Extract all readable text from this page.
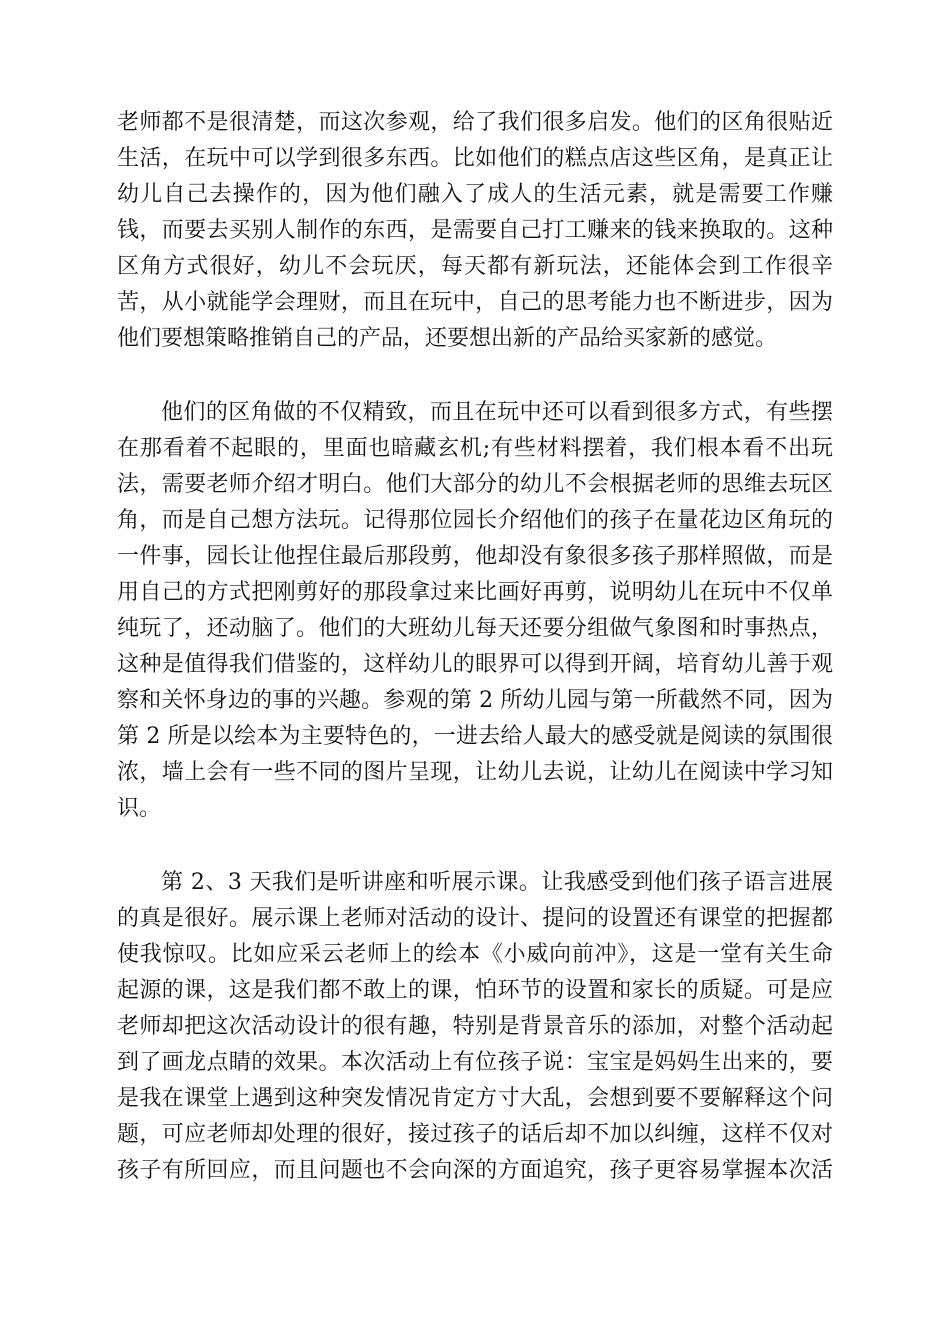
老师都不是很清楚，而这次参观，给了我们很多启发。他们的区角很贴近
生活，在玩中可以学到很多东西。比如他们的糕点店这些区角，是真正让
幼儿自己去操作的，因为他们融入了成人的生活元素，就是需要工作赚
钱，而要去买别人制作的东西，是需要自己打工赚来的钱来换取的。这种
区角方式很好，幼儿不会玩厌，每天都有新玩法，还能体会到工作很辛
苦，从小就能学会理财，而且在玩中，自己的思考能力也不断进步，因为
他们要想策略推销自己的产品，还要想出新的产品给买家新的感觉。
他们的区角做的不仅精致，而且在玩中还可以看到很多方式，有些摆
在那看着不起眼的，里面也暗藏玄机;有些材料摆着，我们根本看不出玩
法，需要老师介绍才明白。他们大部分的幼儿不会根据老师的思维去玩区
角，而是自己想方法玩。记得那位园长介绍他们的孩子在量花边区角玩的
一件事，园长让他捏住最后那段剪，他却没有象很多孩子那样照做，而是
用自己的方式把刚剪好的那段拿过来比画好再剪，说明幼儿在玩中不仅单
纯玩了，还动脑了。他们的大班幼儿每天还要分组做气象图和时事热点，
这种是值得我们借鉴的，这样幼儿的眼界可以得到开阔，培育幼儿善于观
察和关怀身边的事的兴趣。参观的第 2 所幼儿园与第一所截然不同，因为
第 2 所是以绘本为主要特色的，一进去给人最大的感受就是阅读的氛围很
浓，墙上会有一些不同的图片呈现，让幼儿去说，让幼儿在阅读中学习知
识。
第 2、3 天我们是听讲座和听展示课。让我感受到他们孩子语言进展
的真是很好。展示课上老师对活动的设计、提问的设置还有课堂的把握都
使我惊叹。比如应采云老师上的绘本《小威向前冲》，这是一堂有关生命
起源的课，这是我们都不敢上的课，怕环节的设置和家长的质疑。可是应
老师却把这次活动设计的很有趣，特别是背景音乐的添加，对整个活动起
到了画龙点睛的效果。本次活动上有位孩子说：宝宝是妈妈生出来的，要
是我在课堂上遇到这种突发情况肯定方寸大乱，会想到要不要解释这个问
题，可应老师却处理的很好，接过孩子的话后却不加以纠缠，这样不仅对
孩子有所回应，而且问题也不会向深的方面追究，孩子更容易掌握本次活
